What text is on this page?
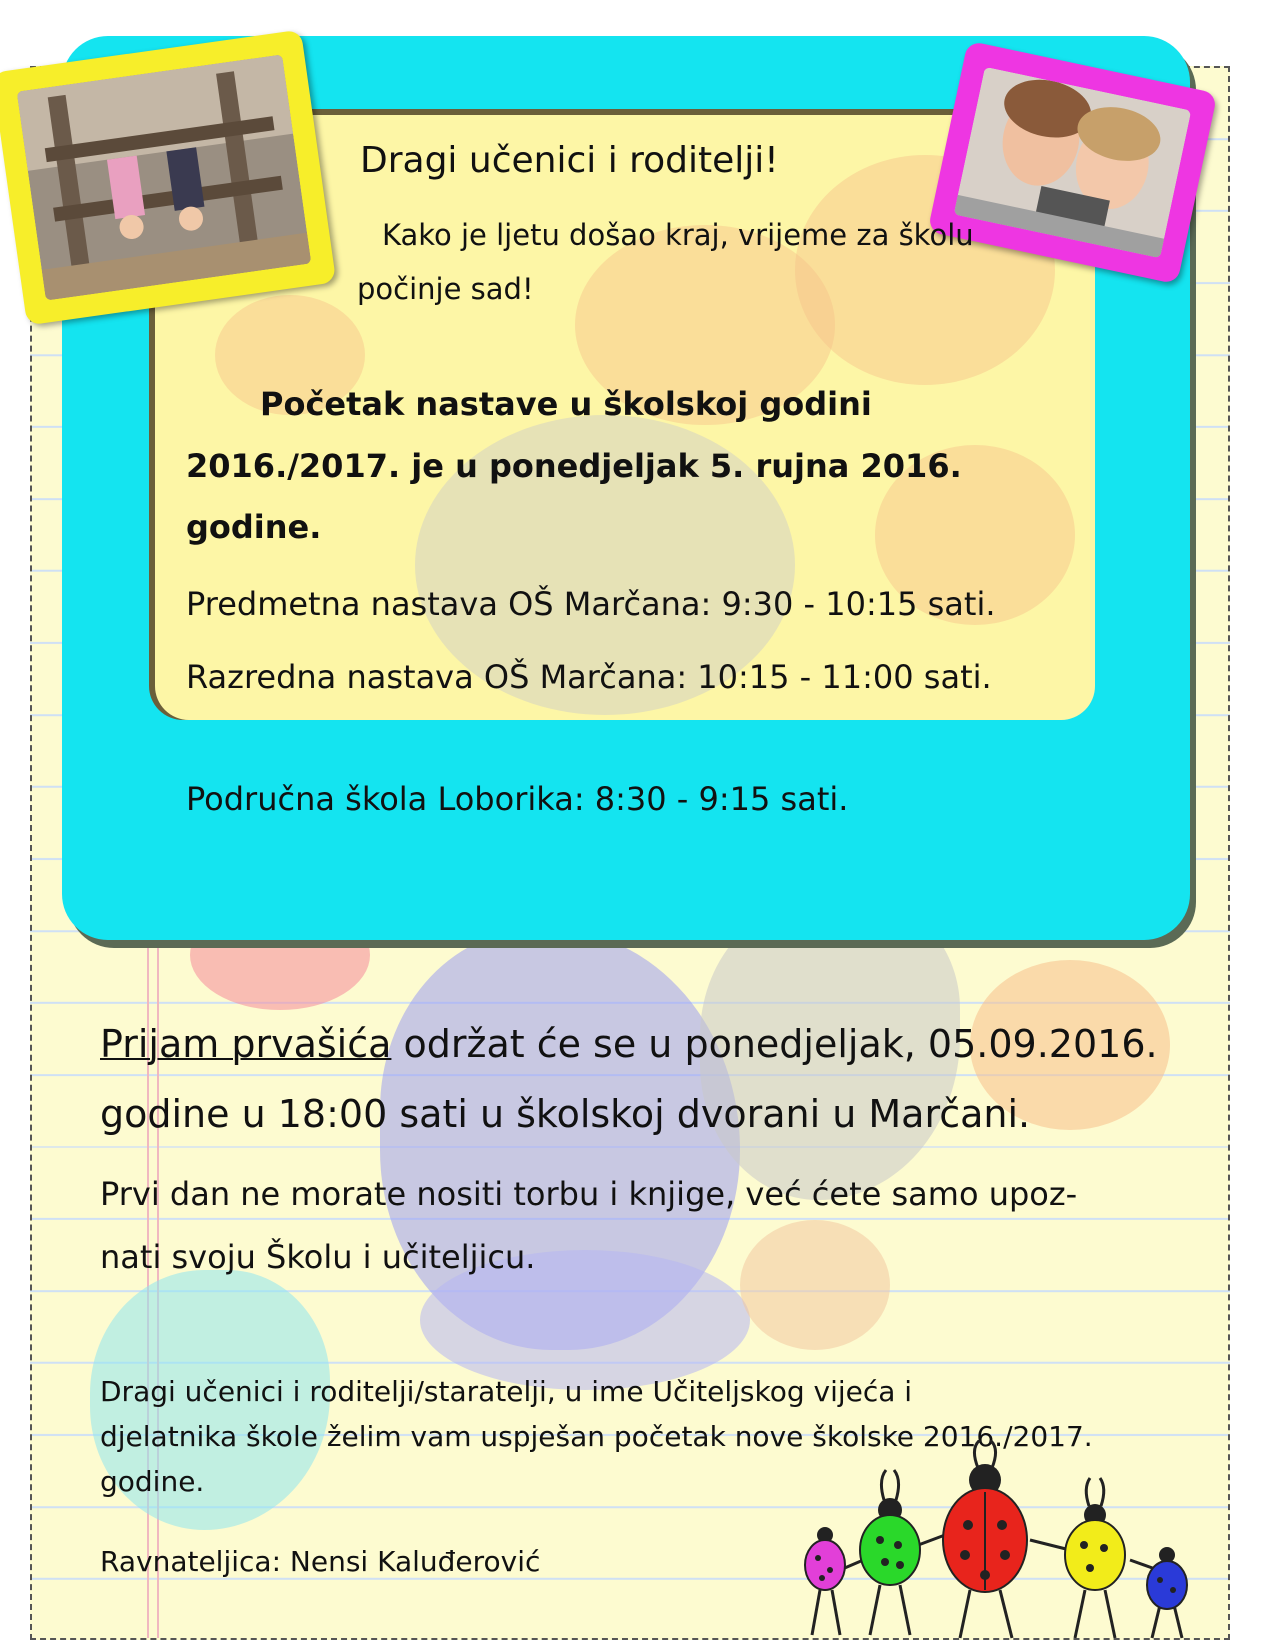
Dragi učenici i roditelji!
Kako je ljetu došao kraj, vrijeme za školu
počinje sad!
Početak nastave u školskoj godini
2016./2017. je u ponedjeljak 5. rujna 2016.
godine.
Predmetna nastava OŠ Marčana: 9:30 - 10:15 sati.
Razredna nastava OŠ Marčana: 10:15 - 11:00 sati.
Područna škola Loborika: 8:30 - 9:15 sati.
Prijam prvašića održat će se u ponedjeljak, 05.09.2016.
godine u 18:00 sati u školskoj dvorani u Marčani.
Prvi dan ne morate nositi torbu i knjige, već ćete samo upoz-
nati svoju Školu i učiteljicu.
Dragi učenici i roditelji/staratelji, u ime Učiteljskog vijeća i
djelatnika škole želim vam uspješan početak nove školske 2016./2017.
godine.
Ravnateljica: Nensi Kaluđerović
